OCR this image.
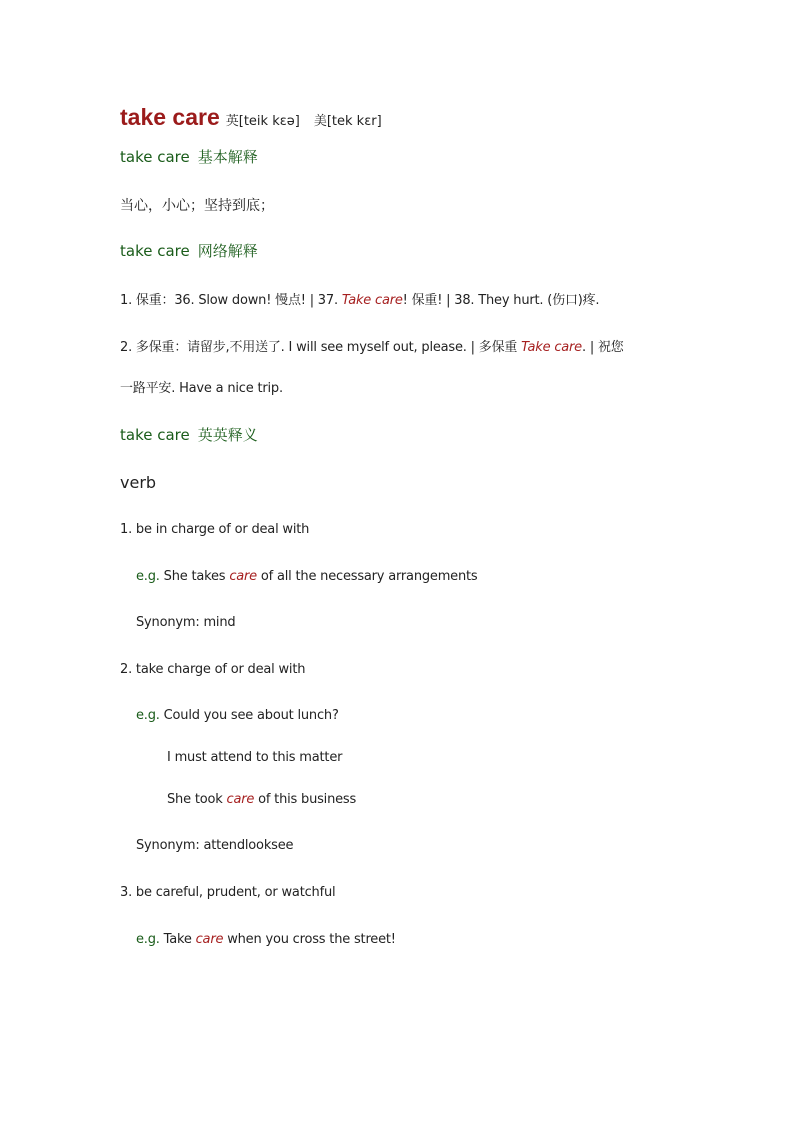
take care 英[teik kɛə] 美[tek kɛr]
take care 基本解释
当心，小心；坚持到底；
take care 网络解释
1. 保重：36. Slow down! 慢点! | 37. Take care! 保重! | 38. They hurt. (伤口)疼.
2. 多保重：请留步,不用送了. I will see myself out, please. | 多保重 Take care. | 祝您
一路平安. Have a nice trip.
take care 英英释义
verb
1. be in charge of or deal with
e.g. She takes care of all the necessary arrangements
Synonym: mind
2. take charge of or deal with
e.g. Could you see about lunch?
I must attend to this matter
She took care of this business
Synonym: attendlooksee
3. be careful, prudent, or watchful
e.g. Take care when you cross the street!
